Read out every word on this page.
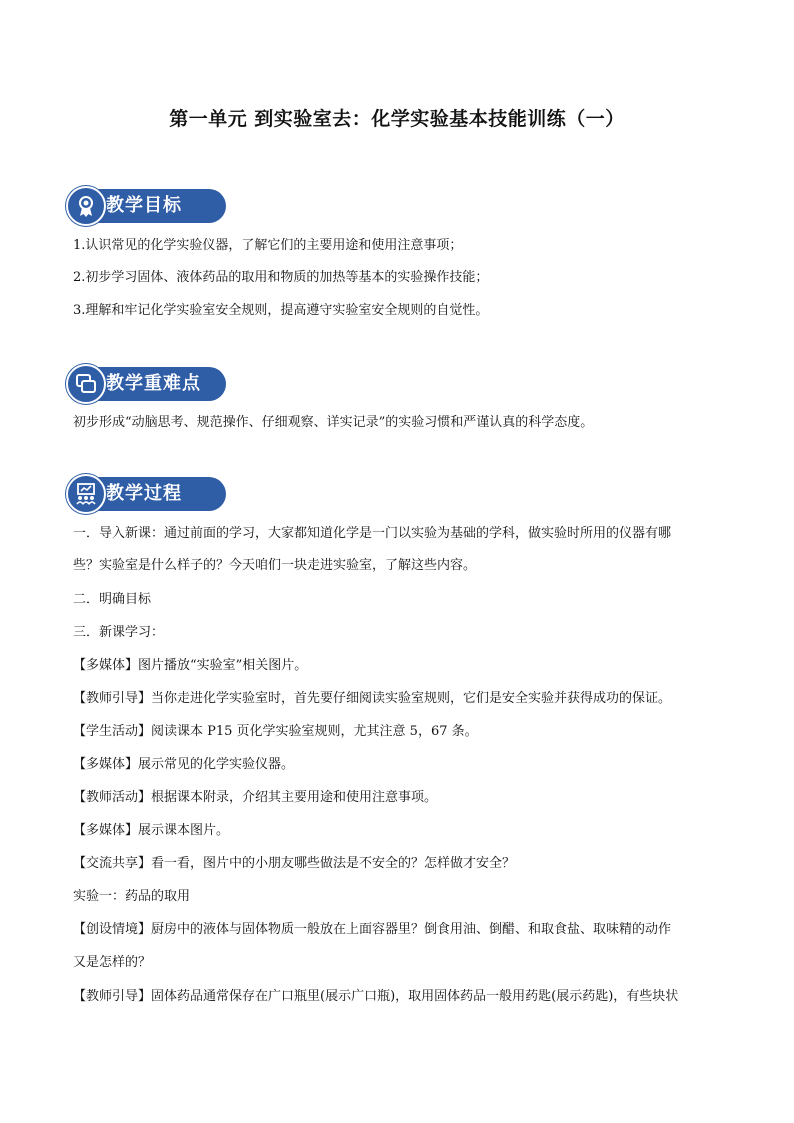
第一单元 到实验室去：化学实验基本技能训练（一）
教学目标
1.认识常见的化学实验仪器，了解它们的主要用途和使用注意事项；
2.初步学习固体、液体药品的取用和物质的加热等基本的实验操作技能；
3.理解和牢记化学实验室安全规则，提高遵守实验室安全规则的自觉性。
教学重难点
初步形成“动脑思考、规范操作、仔细观察、详实记录”的实验习惯和严谨认真的科学态度。
教学过程
一．导入新课：通过前面的学习，大家都知道化学是一门以实验为基础的学科，做实验时所用的仪器有哪
些？实验室是什么样子的？今天咱们一块走进实验室，了解这些内容。
二．明确目标
三．新课学习：
【多媒体】图片播放“实验室”相关图片。
【教师引导】当你走进化学实验室时，首先要仔细阅读实验室规则，它们是安全实验并获得成功的保证。
【学生活动】阅读课本 P15 页化学实验室规则，尤其注意 5，67 条。
【多媒体】展示常见的化学实验仪器。
【教师活动】根据课本附录，介绍其主要用途和使用注意事项。
【多媒体】展示课本图片。
【交流共享】看一看，图片中的小朋友哪些做法是不安全的？怎样做才安全？
实验一：药品的取用
【创设情境】厨房中的液体与固体物质一般放在上面容器里？倒食用油、倒醋、和取食盐、取味精的动作
又是怎样的？
【教师引导】固体药品通常保存在广口瓶里(展示广口瓶)，取用固体药品一般用药匙(展示药匙)，有些块状
